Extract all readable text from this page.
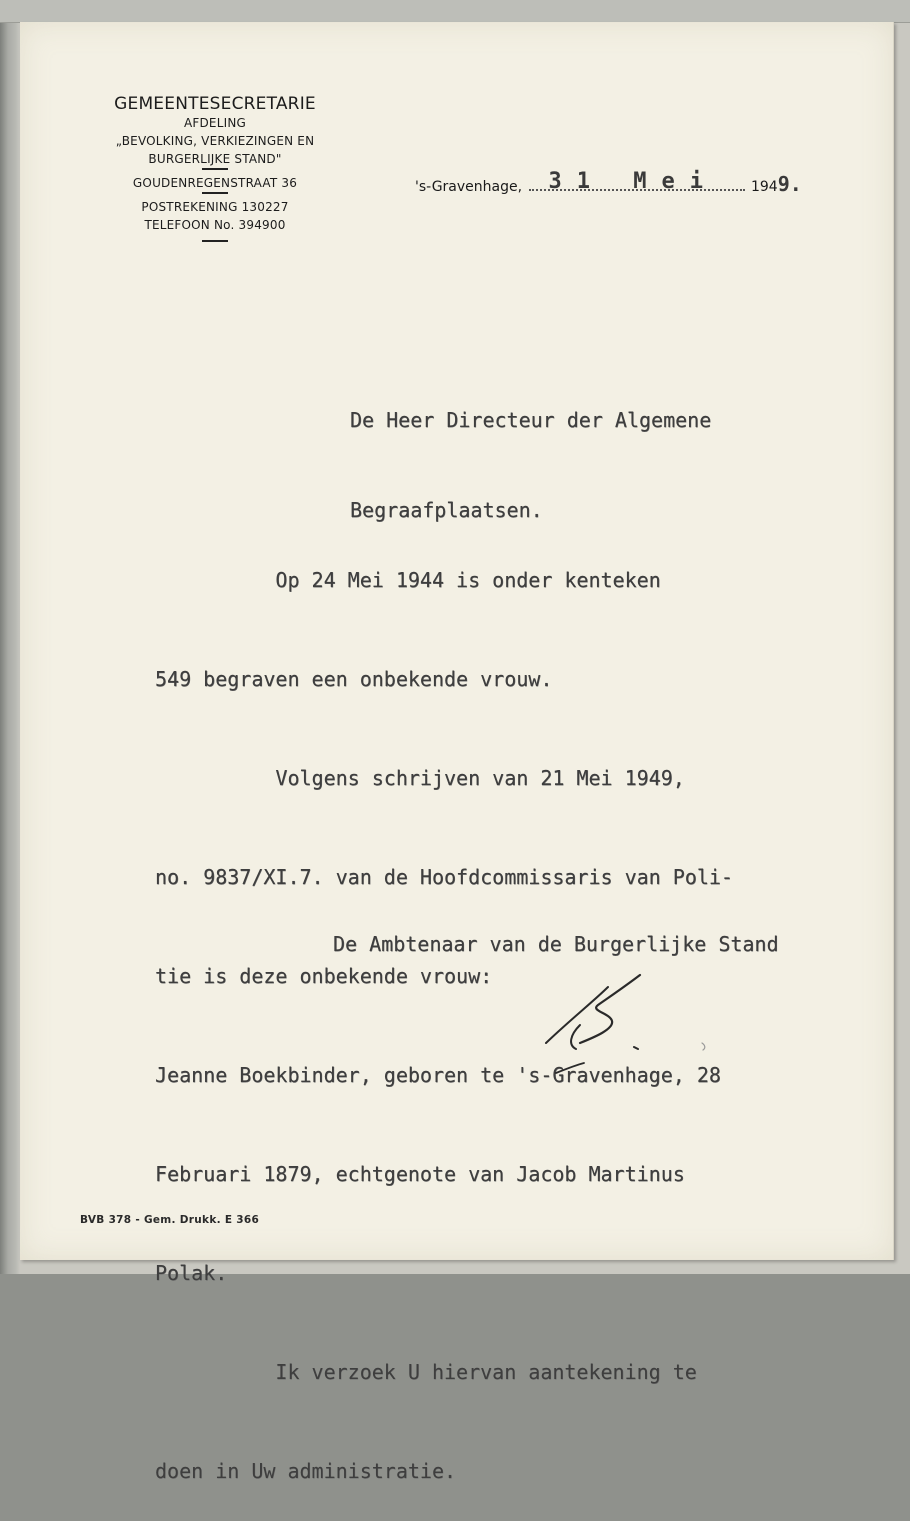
GEMEENTESECRETARIE
AFDELING
„BEVOLKING, VERKIEZINGEN EN
BURGERLIJKE STAND"
GOUDENREGENSTRAAT 36
POSTREKENING 130227
TELEFOON No. 394900
's-Gravenhage, 31 Mei 1949.

De Heer Directeur der Algemene

Begraafplaatsen.

Op 24 Mei 1944 is onder kenteken

549 begraven een onbekende vrouw.

Volgens schrijven van 21 Mei 1949,

no. 9837/XI.7. van de Hoofdcommissaris van Poli-

tie is deze onbekende vrouw:

Jeanne Boekbinder, geboren te 's-Gravenhage, 28

Februari 1879, echtgenote van Jacob Martinus

Polak.

Ik verzoek U hiervan aantekening te

doen in Uw administratie.

De Ambtenaar van de Burgerlijke Stand
BVB 378 - Gem. Drukk. E 366
